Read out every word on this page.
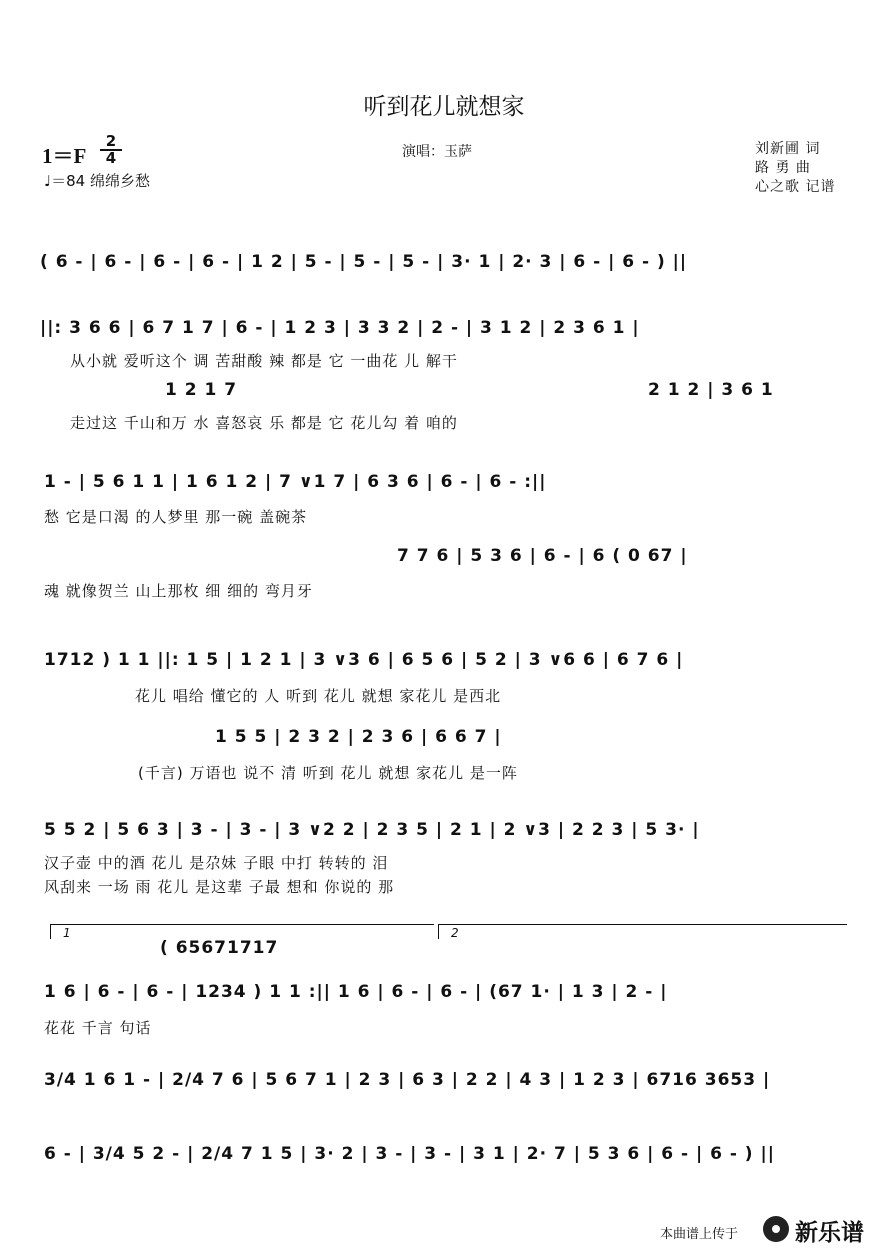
听到花儿就想家
$1=F \frac{2}{4}$
♩＝84 绵绵乡愁
演唱：玉萨	刘新圃 词
路 勇 曲
心之歌 记谱
( 6 - | 6 - | 6 - | 6 - | 1 2 | 5 - | 5 - | 5 - | 3· 1 | 2· 3 | 6 - | 6 - ) ||
||: 3 6 6 | 6 7 1 7 | 6 - | 1 2 3 | 3 3 2 | 2 - | 3 1 2 | 2 3 6 1 |
从小就 爱听这个 调 苦甜酸 辣 都是 它 一曲花 儿 解干
1 2 1 7	2 1 2 | 3 6 1
走过这 千山和万 水 喜怒哀 乐 都是 它 花儿勾 着 咱的
1 - | 5 6 1 1 | 1 6 1 2 | 7 ∨1 7 | 6 3 6 | 6 - | 6 - :||
愁 它是口渴 的人梦里 那一碗 盖碗茶
7 7 6 | 5 3 6 | 6 - | 6 ( 0 67 |
魂 就像贺兰 山上那枚 细 细的 弯月牙
1712 ) 1 1 ||: 1 5 | 1 2 1 | 3 ∨3 6 | 6 5 6 | 5 2 | 3 ∨6 6 | 6 7 6 |
花儿 唱给 懂它的 人 听到 花儿 就想 家花儿 是西北
1 5 5 | 2 3 2 | 2 3 6 | 6 6 7 |
(千言) 万语也 说不 清 听到 花儿 就想 家花儿 是一阵
5 5 2 | 5 6 3 | 3 - | 3 - | 3 ∨2 2 | 2 3 5 | 2 1 | 2 ∨3 | 2 2 3 | 5 3· |
汉子壶 中的酒 花儿 是尕妹 子眼 中打 转转的 泪
风刮来 一场 雨 花儿 是这辈 子最 想和 你说的 那
1	2
( 65671717
1 6 | 6 - | 6 - | 1234 ) 1 1 :|| 1 6 | 6 - | 6 - | (67 1· | 1 3 | 2 - |
花花 千言 句话
3/4 1 6 1 - | 2/4 7 6 | 5 6 7 1 | 2 3 | 6 3 | 2 2 | 4 3 | 1 2 3 | 6716 3653 |
6 - | 3/4 5 2 - | 2/4 7 1 5 | 3· 2 | 3 - | 3 - | 3 1 | 2· 7 | 5 3 6 | 6 - | 6 - ) ||
本曲谱上传于 新乐谱
